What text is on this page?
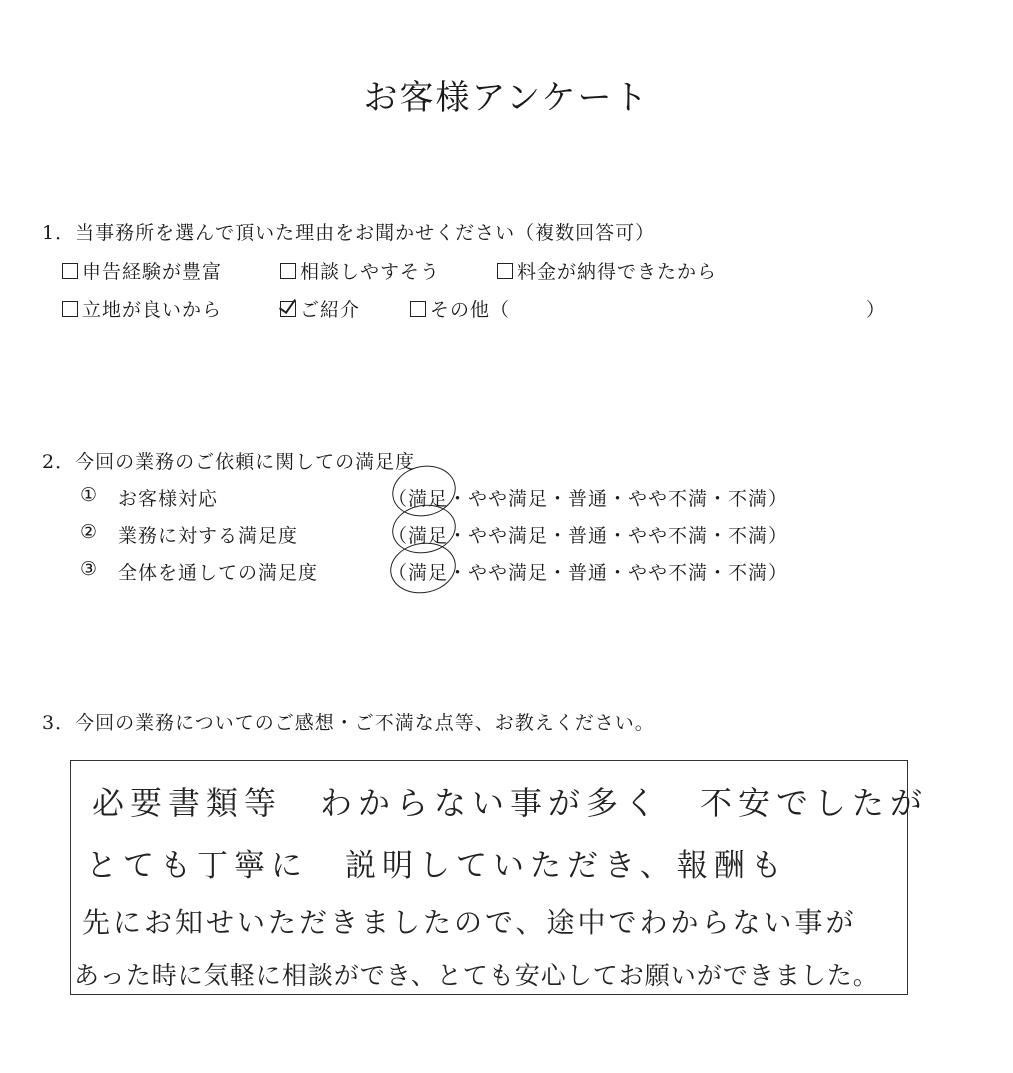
お客様アンケート
1．当事務所を選んで頂いた理由をお聞かせください（複数回答可）
申告経験が豊富	相談しやすそう	料金が納得できたから
立地が良いから	ご紹介	その他（	）
2．今回の業務のご依頼に関しての満足度
① お客様対応	（満足・やや満足・普通・やや不満・不満）
② 業務に対する満足度	（満足・やや満足・普通・やや不満・不満）
③ 全体を通しての満足度	（満足・やや満足・普通・やや不満・不満）
3．今回の業務についてのご感想・ご不満な点等、お教えください。
必要書類等　わからない事が多く　不安でしたが
とても丁寧に　説明していただき、報酬も
先にお知せいただきましたので、途中でわからない事が
あった時に気軽に相談ができ、とても安心してお願いができました。
